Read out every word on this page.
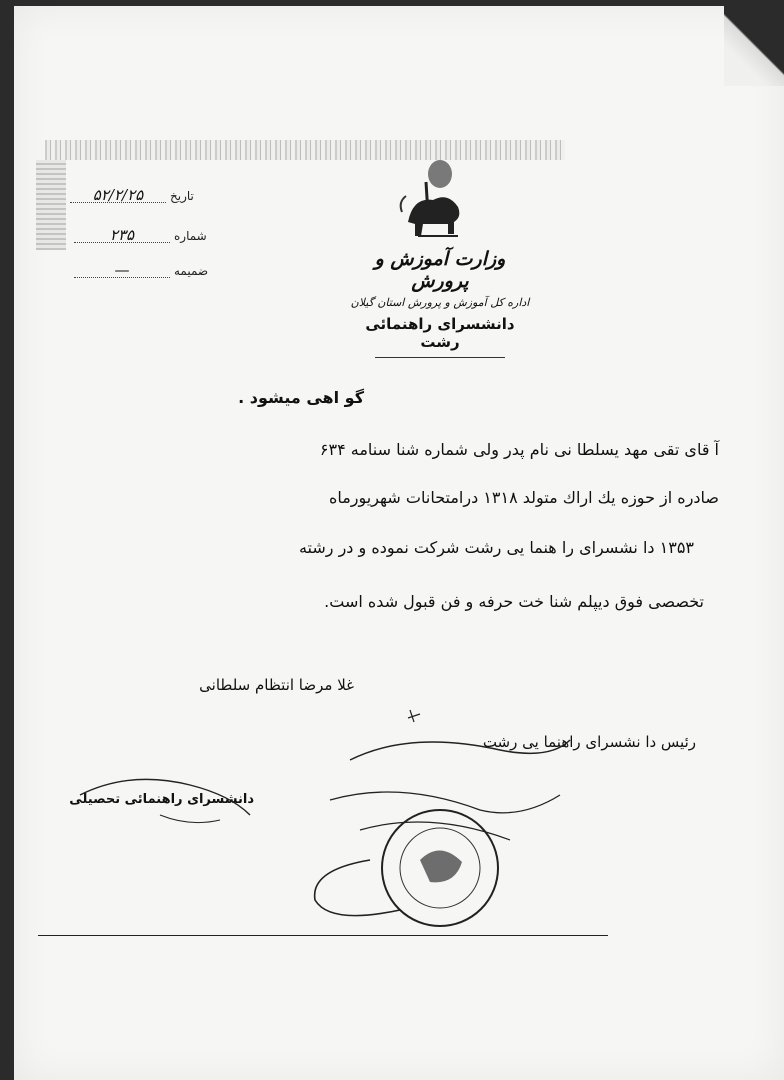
تاریخ
۵۲/۲/۲۵
شماره
۲۳۵
ضمیمه
—	وزارت آموزش و پرورش
اداره کل آموزش و پرورش استان گیلان
دانشسرای راهنمائی رشت
گو اهی میشود .
آ قای تقی مهد یسلطا نی نام پدر ولی شماره شنا سنامه ۶۳۴
صادره از حوزه یك اراك متولد ۱۳۱۸ درامتحانات شهریورماه
۱۳۵۳ دا نشسرای را هنما یی رشت شرکت نموده و در رشته
تخصصی فوق دیپلم شنا خت حرفه و فن قبول شده است.
غلا مرضا انتظام سلطانی
رئیس دا نشسرای راهنما یی رشت
دانشسرای راهنمائی تحصیلی
